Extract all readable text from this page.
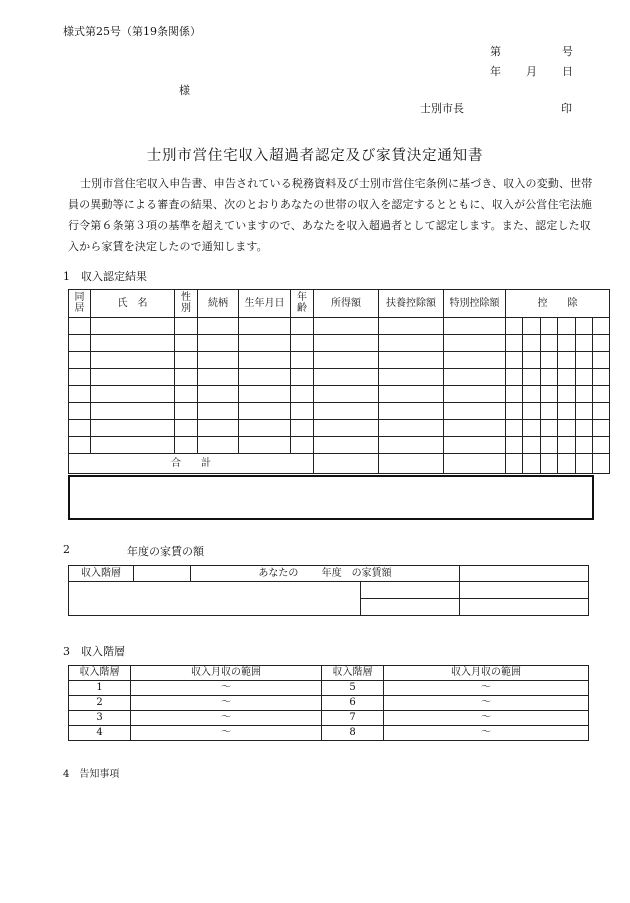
様式第25号（第19条関係）
第	号
年 月 日
様
士別市長	印
士別市営住宅収入超過者認定及び家賃決定通知書
士別市営住宅収入申告書、申告されている税務資料及び士別市営住宅条例に基づき、収入の変動、世帯員の異動等による審査の結果、次のとおりあなたの世帯の収入を認定するとともに、収入が公営住宅法施行令第６条第３項の基準を超えていますので、あなたを収入超過者として認定します。また、認定した収入から家賃を決定したので通知します。
1　収入認定結果
同居	氏　名	性別	続柄	生年月日	年齢	所得額	扶養控除額	特別控除額	控　　除					

合　　計														
2	年度の家賃の額
収入階層		あなたの　　 年度　 の家賃額		

3　収入階層
収入階層	収入月収の範囲	収入階層	収入月収の範囲
1	〜	5	〜
2	〜	6	〜
3	〜	7	〜
4	〜	8	〜
4　告知事項
